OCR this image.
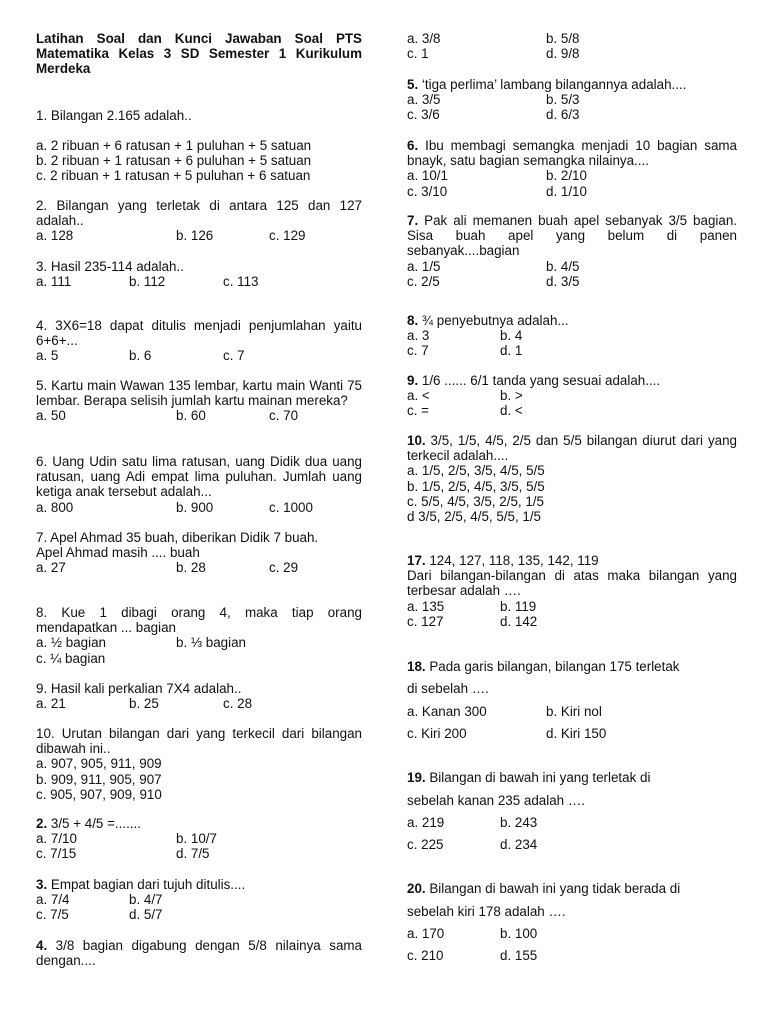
Latihan Soal dan Kunci Jawaban Soal PTS Matematika Kelas 3 SD Semester 1 Kurikulum Merdeka
1. Bilangan 2.165 adalah..
a. 2 ribuan + 6 ratusan + 1 puluhan + 5 satuan
b. 2 ribuan + 1 ratusan + 6 puluhan + 5 satuan
c. 2 ribuan + 1 ratusan + 5 puluhan + 6 satuan
2. Bilangan yang terletak di antara 125 dan 127 adalah..
a. 128	b. 126	c. 129
3. Hasil 235-114 adalah..
a. 111	b. 112	c. 113
4. 3X6=18 dapat ditulis menjadi penjumlahan yaitu 6+6+...
a. 5	b. 6	c. 7
5. Kartu main Wawan 135 lembar, kartu main Wanti 75 lembar. Berapa selisih jumlah kartu mainan mereka?
a. 50	b. 60	c. 70
6. Uang Udin satu lima ratusan, uang Didik dua uang ratusan, uang Adi empat lima puluhan. Jumlah uang ketiga anak tersebut adalah...
a. 800	b. 900	c. 1000
7. Apel Ahmad 35 buah, diberikan Didik 7 buah.
Apel Ahmad masih .... buah
a. 27	b. 28	c. 29
8. Kue 1 dibagi orang 4, maka tiap orang mendapatkan ... bagian
a. ½ bagian	b. ⅓ bagian
c. ¼ bagian
9. Hasil kali perkalian 7X4 adalah..
a. 21	b. 25	c. 28
10. Urutan bilangan dari yang terkecil dari bilangan dibawah ini..
a. 907, 905, 911, 909
b. 909, 911, 905, 907
c. 905, 907, 909, 910
2. 3/5 + 4/5 =.......
a. 7/10	b. 10/7
c. 7/15	d. 7/5
3. Empat bagian dari tujuh ditulis....
a. 7/4	b. 4/7
c. 7/5	d. 5/7
4. 3/8 bagian digabung dengan 5/8 nilainya sama dengan....
a. 3/8	b. 5/8
c. 1	d. 9/8
5. ‘tiga perlima’ lambang bilangannya adalah....
a. 3/5	b. 5/3
c. 3/6	d. 6/3
6. Ibu membagi semangka menjadi 10 bagian sama bnayk, satu bagian semangka nilainya....
a. 10/1	b. 2/10
c. 3/10	d. 1/10
7. Pak ali memanen buah apel sebanyak 3/5 bagian. Sisa buah apel yang belum di panen sebanyak....bagian
a. 1/5	b. 4/5
c. 2/5	d. 3/5
8. ¾ penyebutnya adalah...
a. 3	b. 4
c. 7	d. 1
9. 1/6 ...... 6/1 tanda yang sesuai adalah....
a. <	b. >
c. =	d. <
10. 3/5, 1/5, 4/5, 2/5 dan 5/5 bilangan diurut dari yang terkecil adalah....
a. 1/5, 2/5, 3/5, 4/5, 5/5
b. 1/5, 2/5, 4/5, 3/5, 5/5
c. 5/5, 4/5, 3/5, 2/5, 1/5
d 3/5, 2/5, 4/5, 5/5, 1/5
17. 124, 127, 118, 135, 142, 119
Dari bilangan-bilangan di atas maka bilangan yang terbesar adalah ….
a. 135	b. 119
c. 127	d. 142
18. Pada garis bilangan, bilangan 175 terletak
di sebelah ….
a. Kanan 300	b. Kiri nol
c. Kiri 200	d. Kiri 150
19. Bilangan di bawah ini yang terletak di
sebelah kanan 235 adalah ….
a. 219	b. 243
c. 225	d. 234
20. Bilangan di bawah ini yang tidak berada di
sebelah kiri 178 adalah ….
a. 170	b. 100
c. 210	d. 155
